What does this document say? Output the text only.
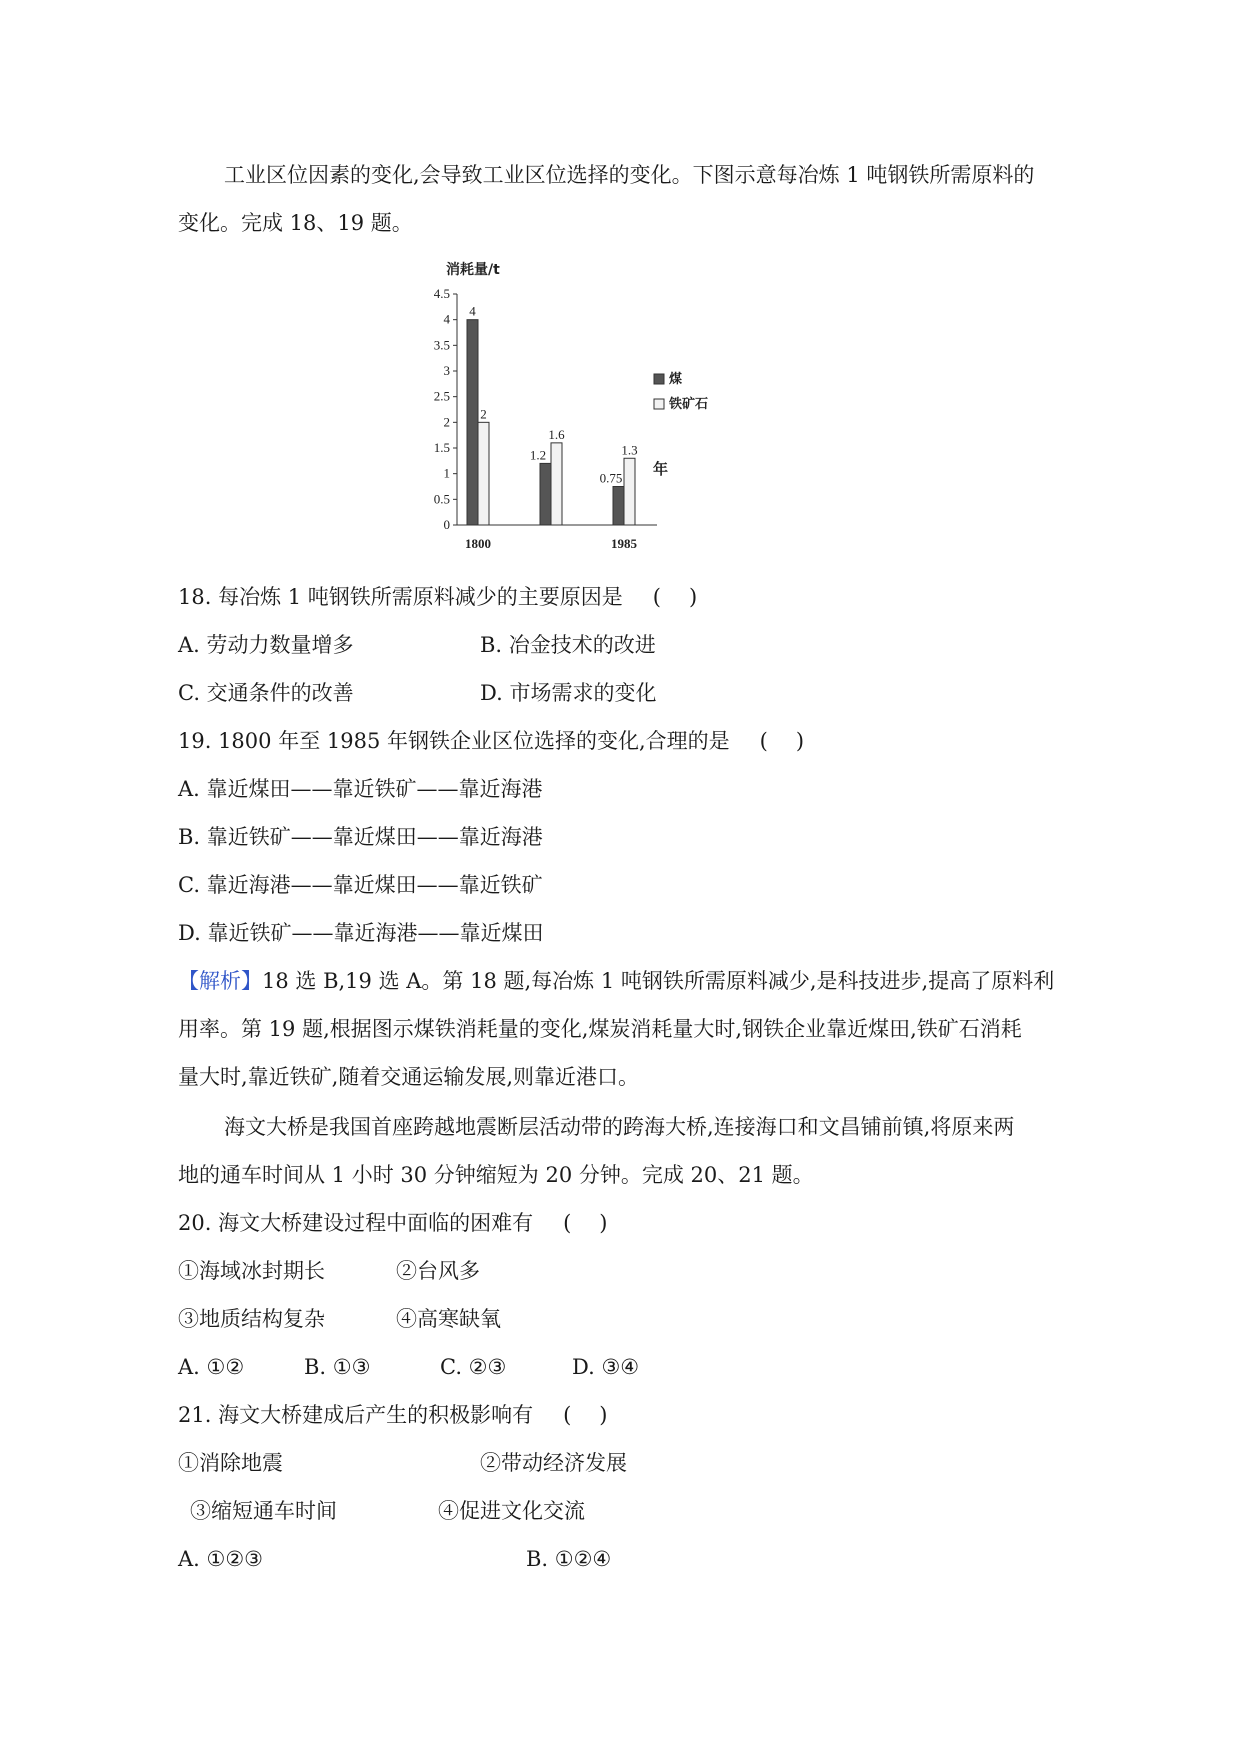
工业区位因素的变化,会导致工业区位选择的变化。下图示意每冶炼 1 吨钢铁所需原料的
变化。完成 18、19 题。
消耗量/t
年
0
0.5
1
1.5
2
2.5
3
3.5
4
4.5
4
1.2
0.75
2
1.6
1.3
1800	1985
煤
铁矿石
18. 每冶炼 1 吨钢铁所需原料减少的主要原因是 ()
A. 劳动力数量增多	B. 冶金技术的改进
C. 交通条件的改善	D. 市场需求的变化
19. 1800 年至 1985 年钢铁企业区位选择的变化,合理的是 ()
A. 靠近煤田——靠近铁矿——靠近海港
B. 靠近铁矿——靠近煤田——靠近海港
C. 靠近海港——靠近煤田——靠近铁矿
D. 靠近铁矿——靠近海港——靠近煤田
【解析】18 选 B,19 选 A。第 18 题,每冶炼 1 吨钢铁所需原料减少,是科技进步,提高了原料利
用率。第 19 题,根据图示煤铁消耗量的变化,煤炭消耗量大时,钢铁企业靠近煤田,铁矿石消耗
量大时,靠近铁矿,随着交通运输发展,则靠近港口。
海文大桥是我国首座跨越地震断层活动带的跨海大桥,连接海口和文昌铺前镇,将原来两
地的通车时间从 1 小时 30 分钟缩短为 20 分钟。完成 20、21 题。
20. 海文大桥建设过程中面临的困难有 ()
①海域冰封期长	②台风多
③地质结构复杂	④高寒缺氧
A. ①②	B. ①③	C. ②③	D. ③④
21. 海文大桥建成后产生的积极影响有 ()
①消除地震	②带动经济发展
③缩短通车时间	④促进文化交流
A. ①②③	B. ①②④
